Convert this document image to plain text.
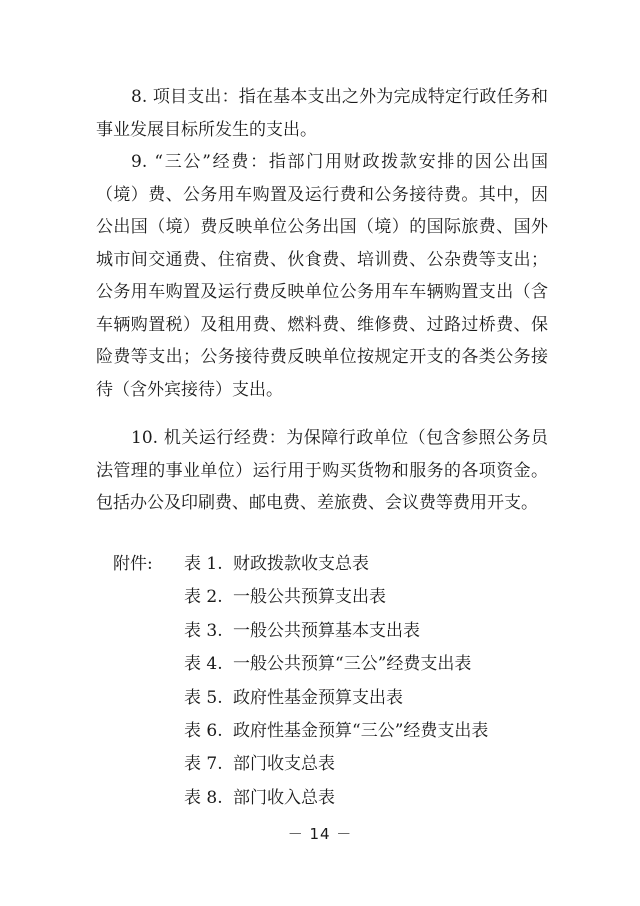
8. 项目支出：指在基本支出之外为完成特定行政任务和事业发展目标所发生的支出。

9. “三公”经费：指部门用财政拨款安排的因公出国（境）费、公务用车购置及运行费和公务接待费。其中，因公出国（境）费反映单位公务出国（境）的国际旅费、国外城市间交通费、住宿费、伙食费、培训费、公杂费等支出；公务用车购置及运行费反映单位公务用车车辆购置支出（含车辆购置税）及租用费、燃料费、维修费、过路过桥费、保险费等支出；公务接待费反映单位按规定开支的各类公务接待（含外宾接待）支出。

10. 机关运行经费：为保障行政单位（包含参照公务员法管理的事业单位）运行用于购买货物和服务的各项资金。包括办公及印刷费、邮电费、差旅费、会议费等费用开支。

附件: 表 1. 财政拨款收支总表
表 2. 一般公共预算支出表
表 3. 一般公共预算基本支出表
表 4. 一般公共预算“三公”经费支出表
表 5. 政府性基金预算支出表
表 6. 政府性基金预算“三公”经费支出表
表 7. 部门收支总表
表 8. 部门收入总表
－ 14 －
